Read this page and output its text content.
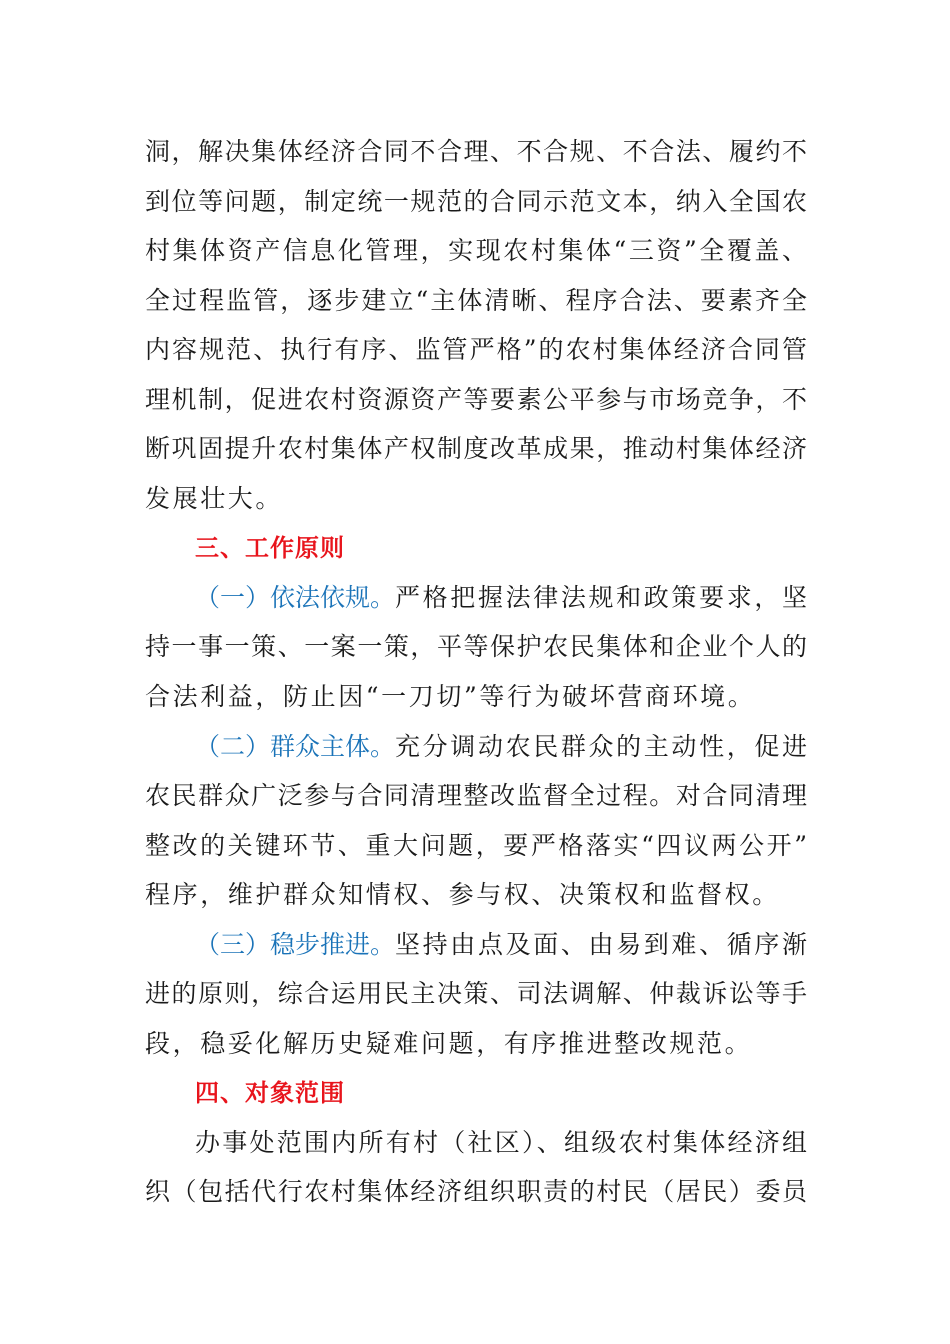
洞，解决集体经济合同不合理、不合规、不合法、履约不
到位等问题，制定统一规范的合同示范文本，纳入全国农
村集体资产信息化管理，实现农村集体“三资”全覆盖、
全过程监管，逐步建立“主体清晰、程序合法、要素齐全
内容规范、执行有序、监管严格”的农村集体经济合同管
理机制，促进农村资源资产等要素公平参与市场竞争，不
断巩固提升农村集体产权制度改革成果，推动村集体经济
发展壮大。
三、工作原则
（一）依法依规。 严格把握法律法规和政策要求，坚
持一事一策、一案一策，平等保护农民集体和企业个人的
合法利益，防止因“一刀切”等行为破坏营商环境。
（二）群众主体。 充分调动农民群众的主动性，促进
农民群众广泛参与合同清理整改监督全过程。对合同清理
整改的关键环节、重大问题，要严格落实“四议两公开”
程序，维护群众知情权、参与权、决策权和监督权。
（三）稳步推进。 坚持由点及面、由易到难、循序渐
进的原则，综合运用民主决策、司法调解、仲裁诉讼等手
段，稳妥化解历史疑难问题，有序推进整改规范。
四、对象范围
办事处范围内所有村（社区）、组级农村集体经济组
织（包括代行农村集体经济组织职责的村民（居民）委员
